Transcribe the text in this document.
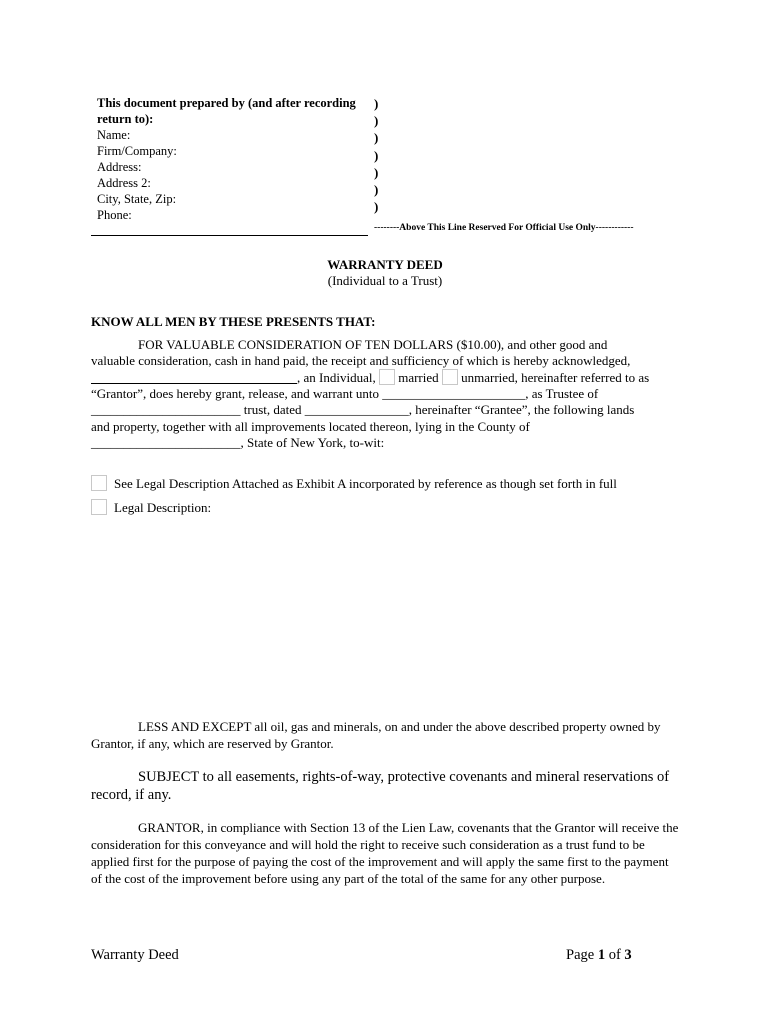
This document prepared by (and after recording
return to):
Name:
Firm/Company:
Address:
Address 2:
City, State, Zip:
Phone:
)
)
)
)
)
)
)
--------Above This Line Reserved For Official Use Only------------
WARRANTY DEED
(Individual to a Trust)
KNOW ALL MEN BY THESE PRESENTS THAT:
FOR VALUABLE CONSIDERATION OF TEN DOLLARS ($10.00), and other good and
valuable consideration, cash in hand paid, the receipt and sufficiency of which is hereby acknowledged,
, an Individual, married unmarried, hereinafter referred to as
“Grantor”, does hereby grant, release, and warrant unto ______________________, as Trustee of
_______________________ trust, dated ________________, hereinafter “Grantee”, the following lands
and property, together with all improvements located thereon, lying in the County of
_______________________, State of New York, to-wit:
See Legal Description Attached as Exhibit A incorporated by reference as though set forth in full
Legal Description:
LESS AND EXCEPT all oil, gas and minerals, on and under the above described property owned by Grantor, if any, which are reserved by Grantor.
SUBJECT to all easements, rights-of-way, protective covenants and mineral reservations of record, if any.
GRANTOR, in compliance with Section 13 of the Lien Law, covenants that the Grantor will receive the consideration for this conveyance and will hold the right to receive such consideration as a trust fund to be applied first for the purpose of paying the cost of the improvement and will apply the same first to the payment of the cost of the improvement before using any part of the total of the same for any other purpose.
Warranty Deed	Page 1 of 3
